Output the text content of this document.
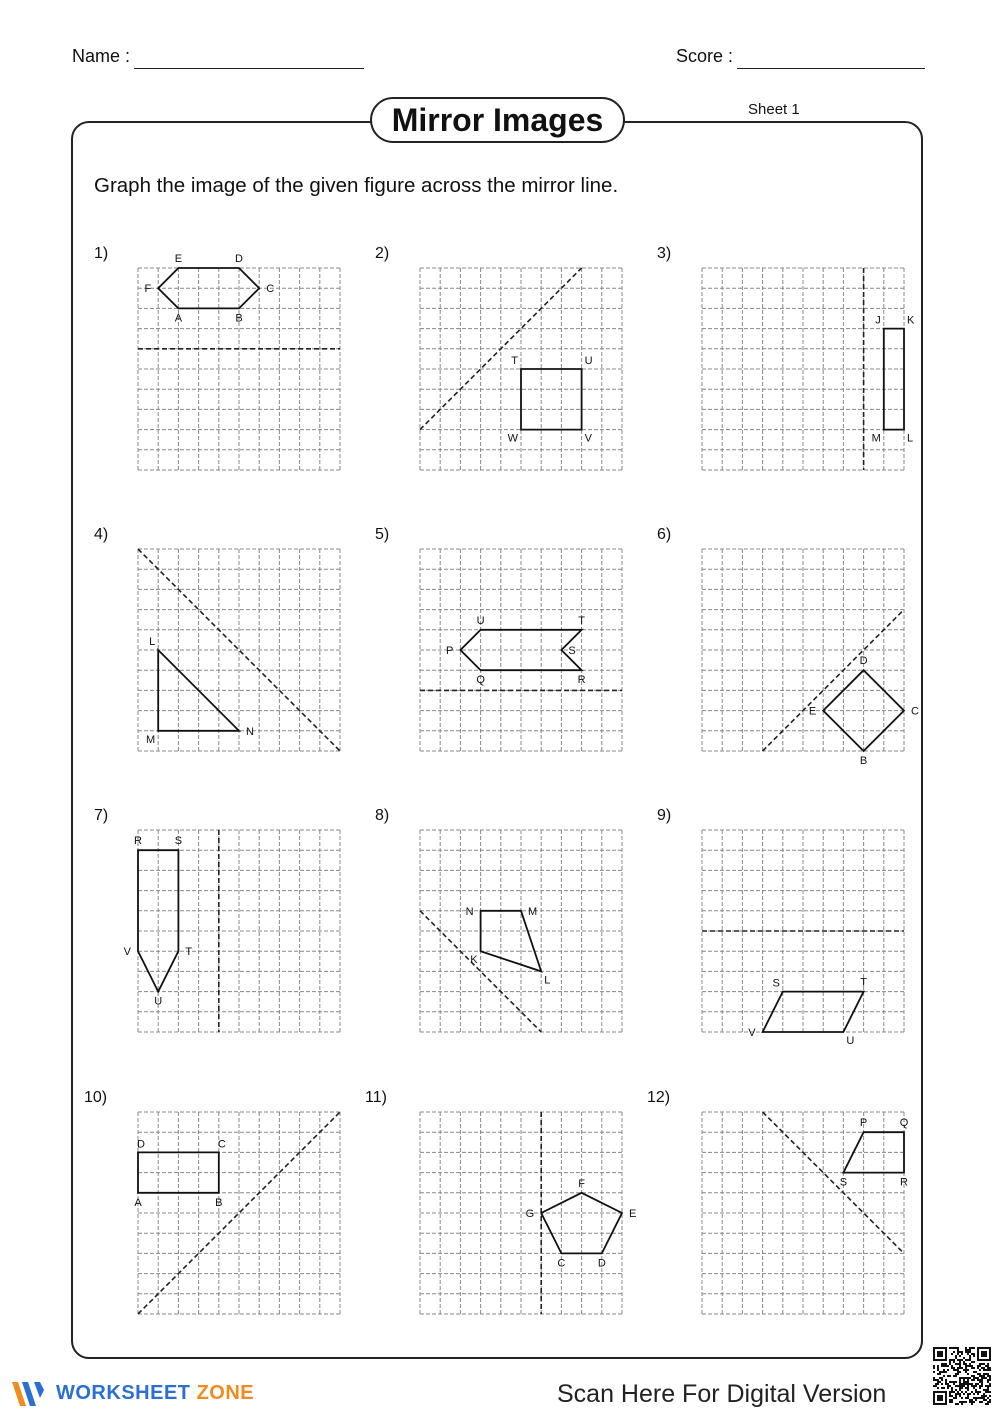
Name :	Score :
Mirror Images	Sheet 1
Graph the image of the given figure across the mirror line.
1)	2)	3)
4)	5)	6)
7)	8)	9)
10)	11)	12)
A	B
C
D
E
F
T	U
V
W
J K
L
M
L
M
N
U	T
S
R
Q
P
D
C
B
E
R	S
T
U
V
N	M
L
K
S	T
U
V
D	C
B
A
F
E
D
C
G
P	Q
R
S
WORKSHEET ZONE	Scan Here For Digital Version
